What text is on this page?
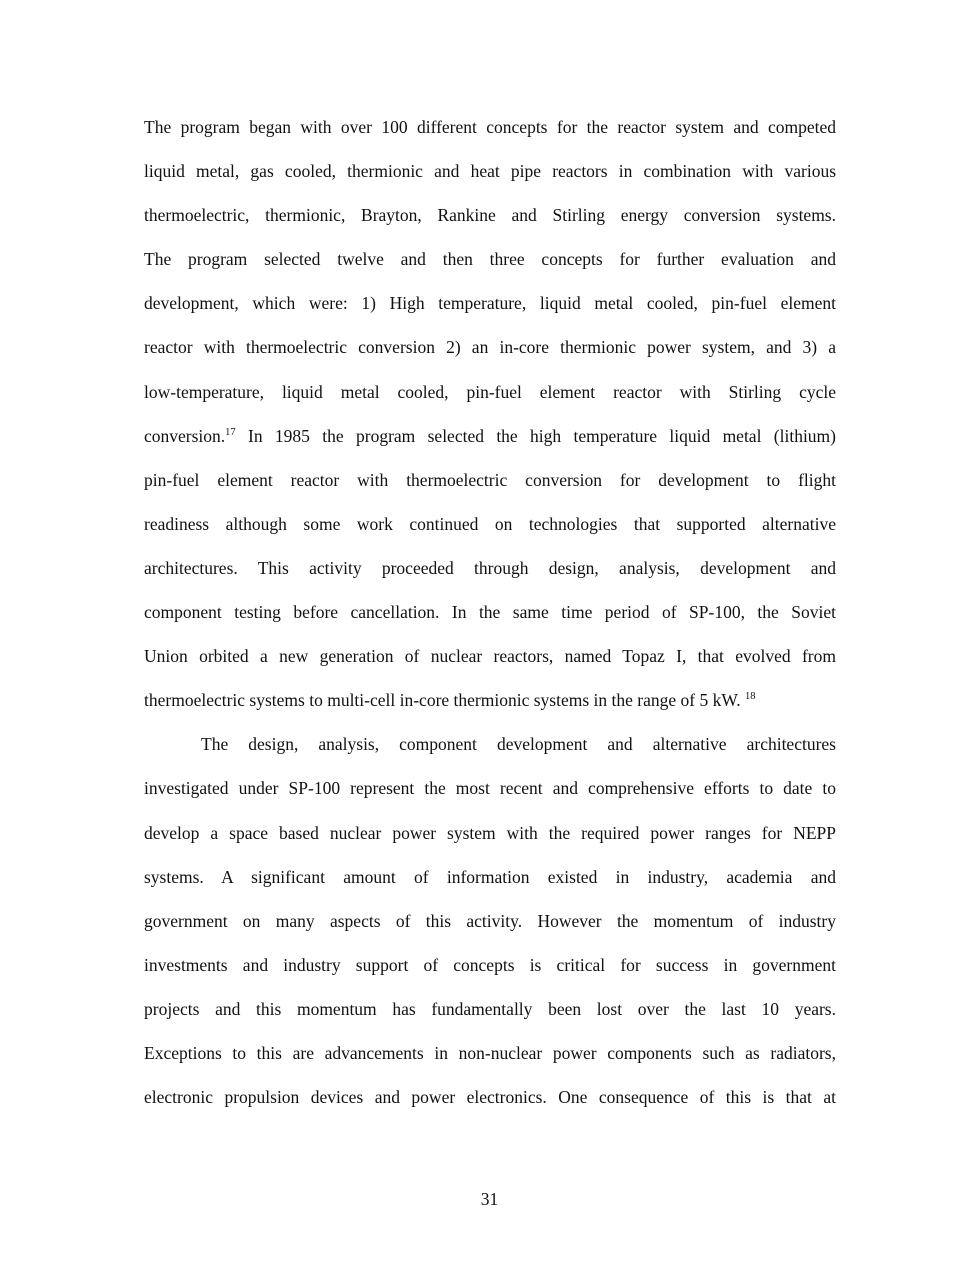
The program began with over 100 different concepts for the reactor system and competed
liquid metal, gas cooled, thermionic and heat pipe reactors in combination with various
thermoelectric, thermionic, Brayton, Rankine and Stirling energy conversion systems.
The program selected twelve and then three concepts for further evaluation and
development, which were: 1) High temperature, liquid metal cooled, pin-fuel element
reactor with thermoelectric conversion 2) an in-core thermionic power system, and 3) a
low-temperature, liquid metal cooled, pin-fuel element reactor with Stirling cycle
conversion.$^{17}$ In 1985 the program selected the high temperature liquid metal (lithium)
pin-fuel element reactor with thermoelectric conversion for development to flight
readiness although some work continued on technologies that supported alternative
architectures. This activity proceeded through design, analysis, development and
component testing before cancellation. In the same time period of SP-100, the Soviet
Union orbited a new generation of nuclear reactors, named Topaz I, that evolved from
thermoelectric systems to multi-cell in-core thermionic systems in the range of 5 kW. $^{18}$
The design, analysis, component development and alternative architectures
investigated under SP-100 represent the most recent and comprehensive efforts to date to
develop a space based nuclear power system with the required power ranges for NEPP
systems. A significant amount of information existed in industry, academia and
government on many aspects of this activity. However the momentum of industry
investments and industry support of concepts is critical for success in government
projects and this momentum has fundamentally been lost over the last 10 years.
Exceptions to this are advancements in non-nuclear power components such as radiators,
electronic propulsion devices and power electronics. One consequence of this is that at
31
